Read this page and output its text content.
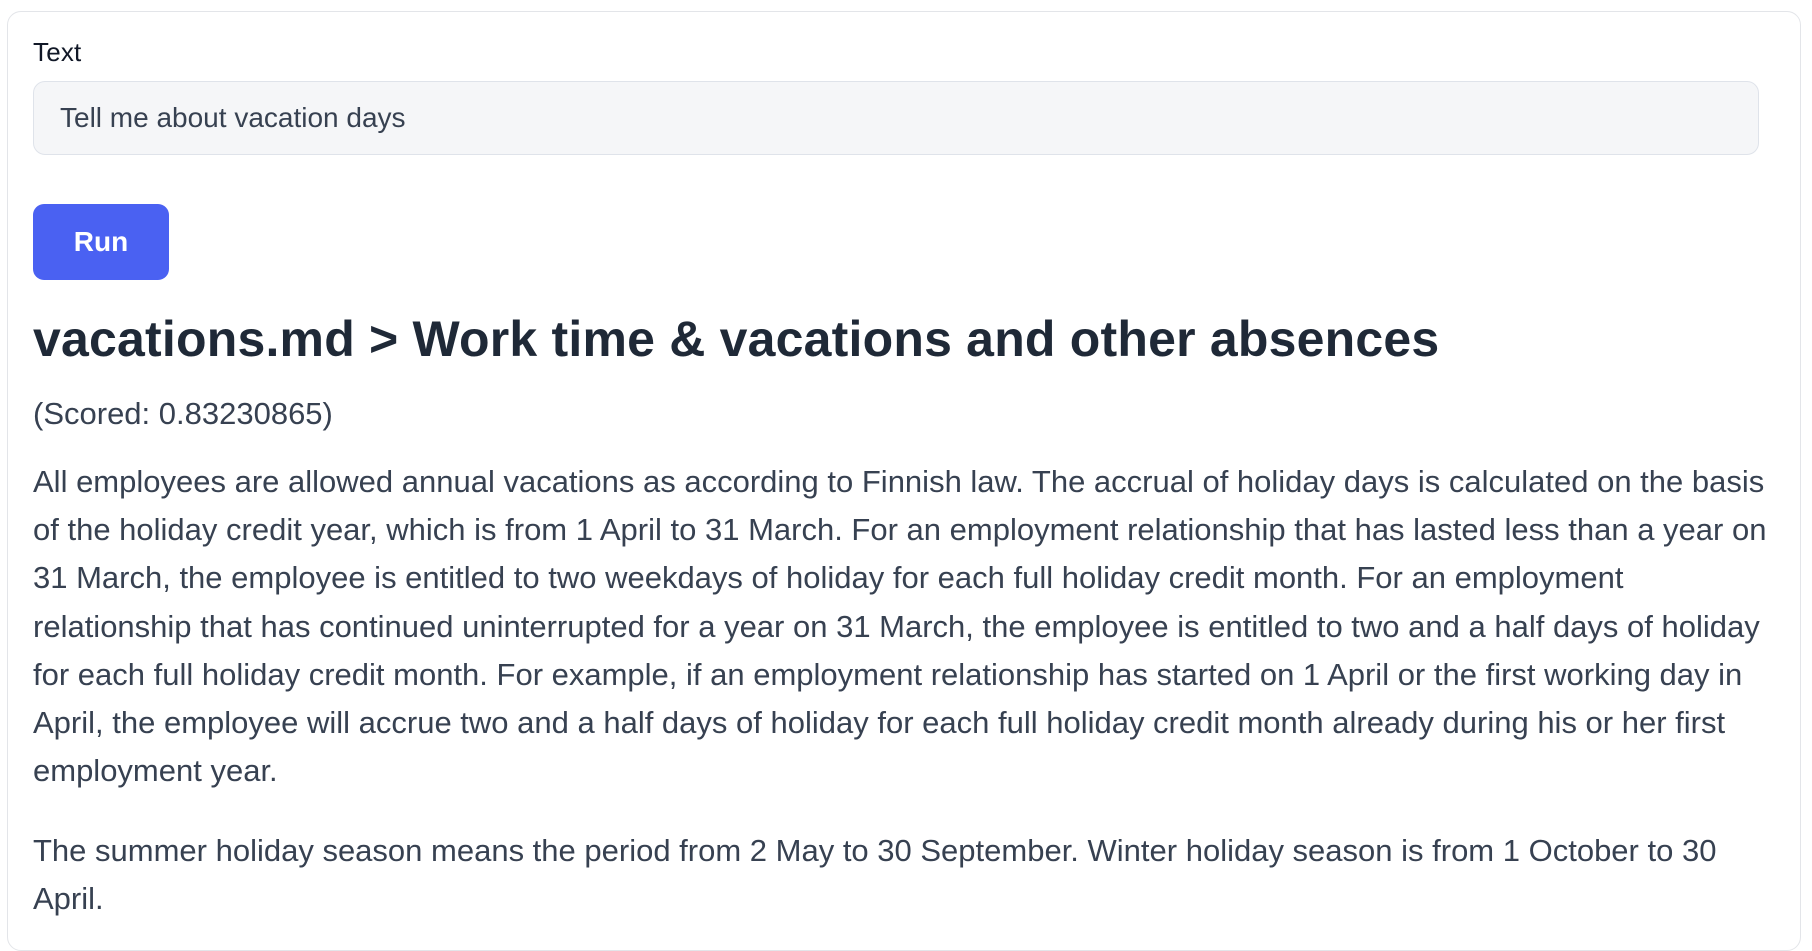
Text
Tell me about vacation days
Run
vacations.md > Work time & vacations and other absences
(Scored: 0.83230865)

All employees are allowed annual vacations as according to Finnish law. The accrual of holiday days is calculated on the basis of the holiday credit year, which is from 1 April to 31 March. For an employment relationship that has lasted less than a year on 31 March, the employee is entitled to two weekdays of holiday for each full holiday credit month. For an employment relationship that has continued uninterrupted for a year on 31 March, the employee is entitled to two and a half days of holiday for each full holiday credit month. For example, if an employment relationship has started on 1 April or the first working day in April, the employee will accrue two and a half days of holiday for each full holiday credit month already during his or her first employment year.

The summer holiday season means the period from 2 May to 30 September. Winter holiday season is from 1 October to 30 April.
